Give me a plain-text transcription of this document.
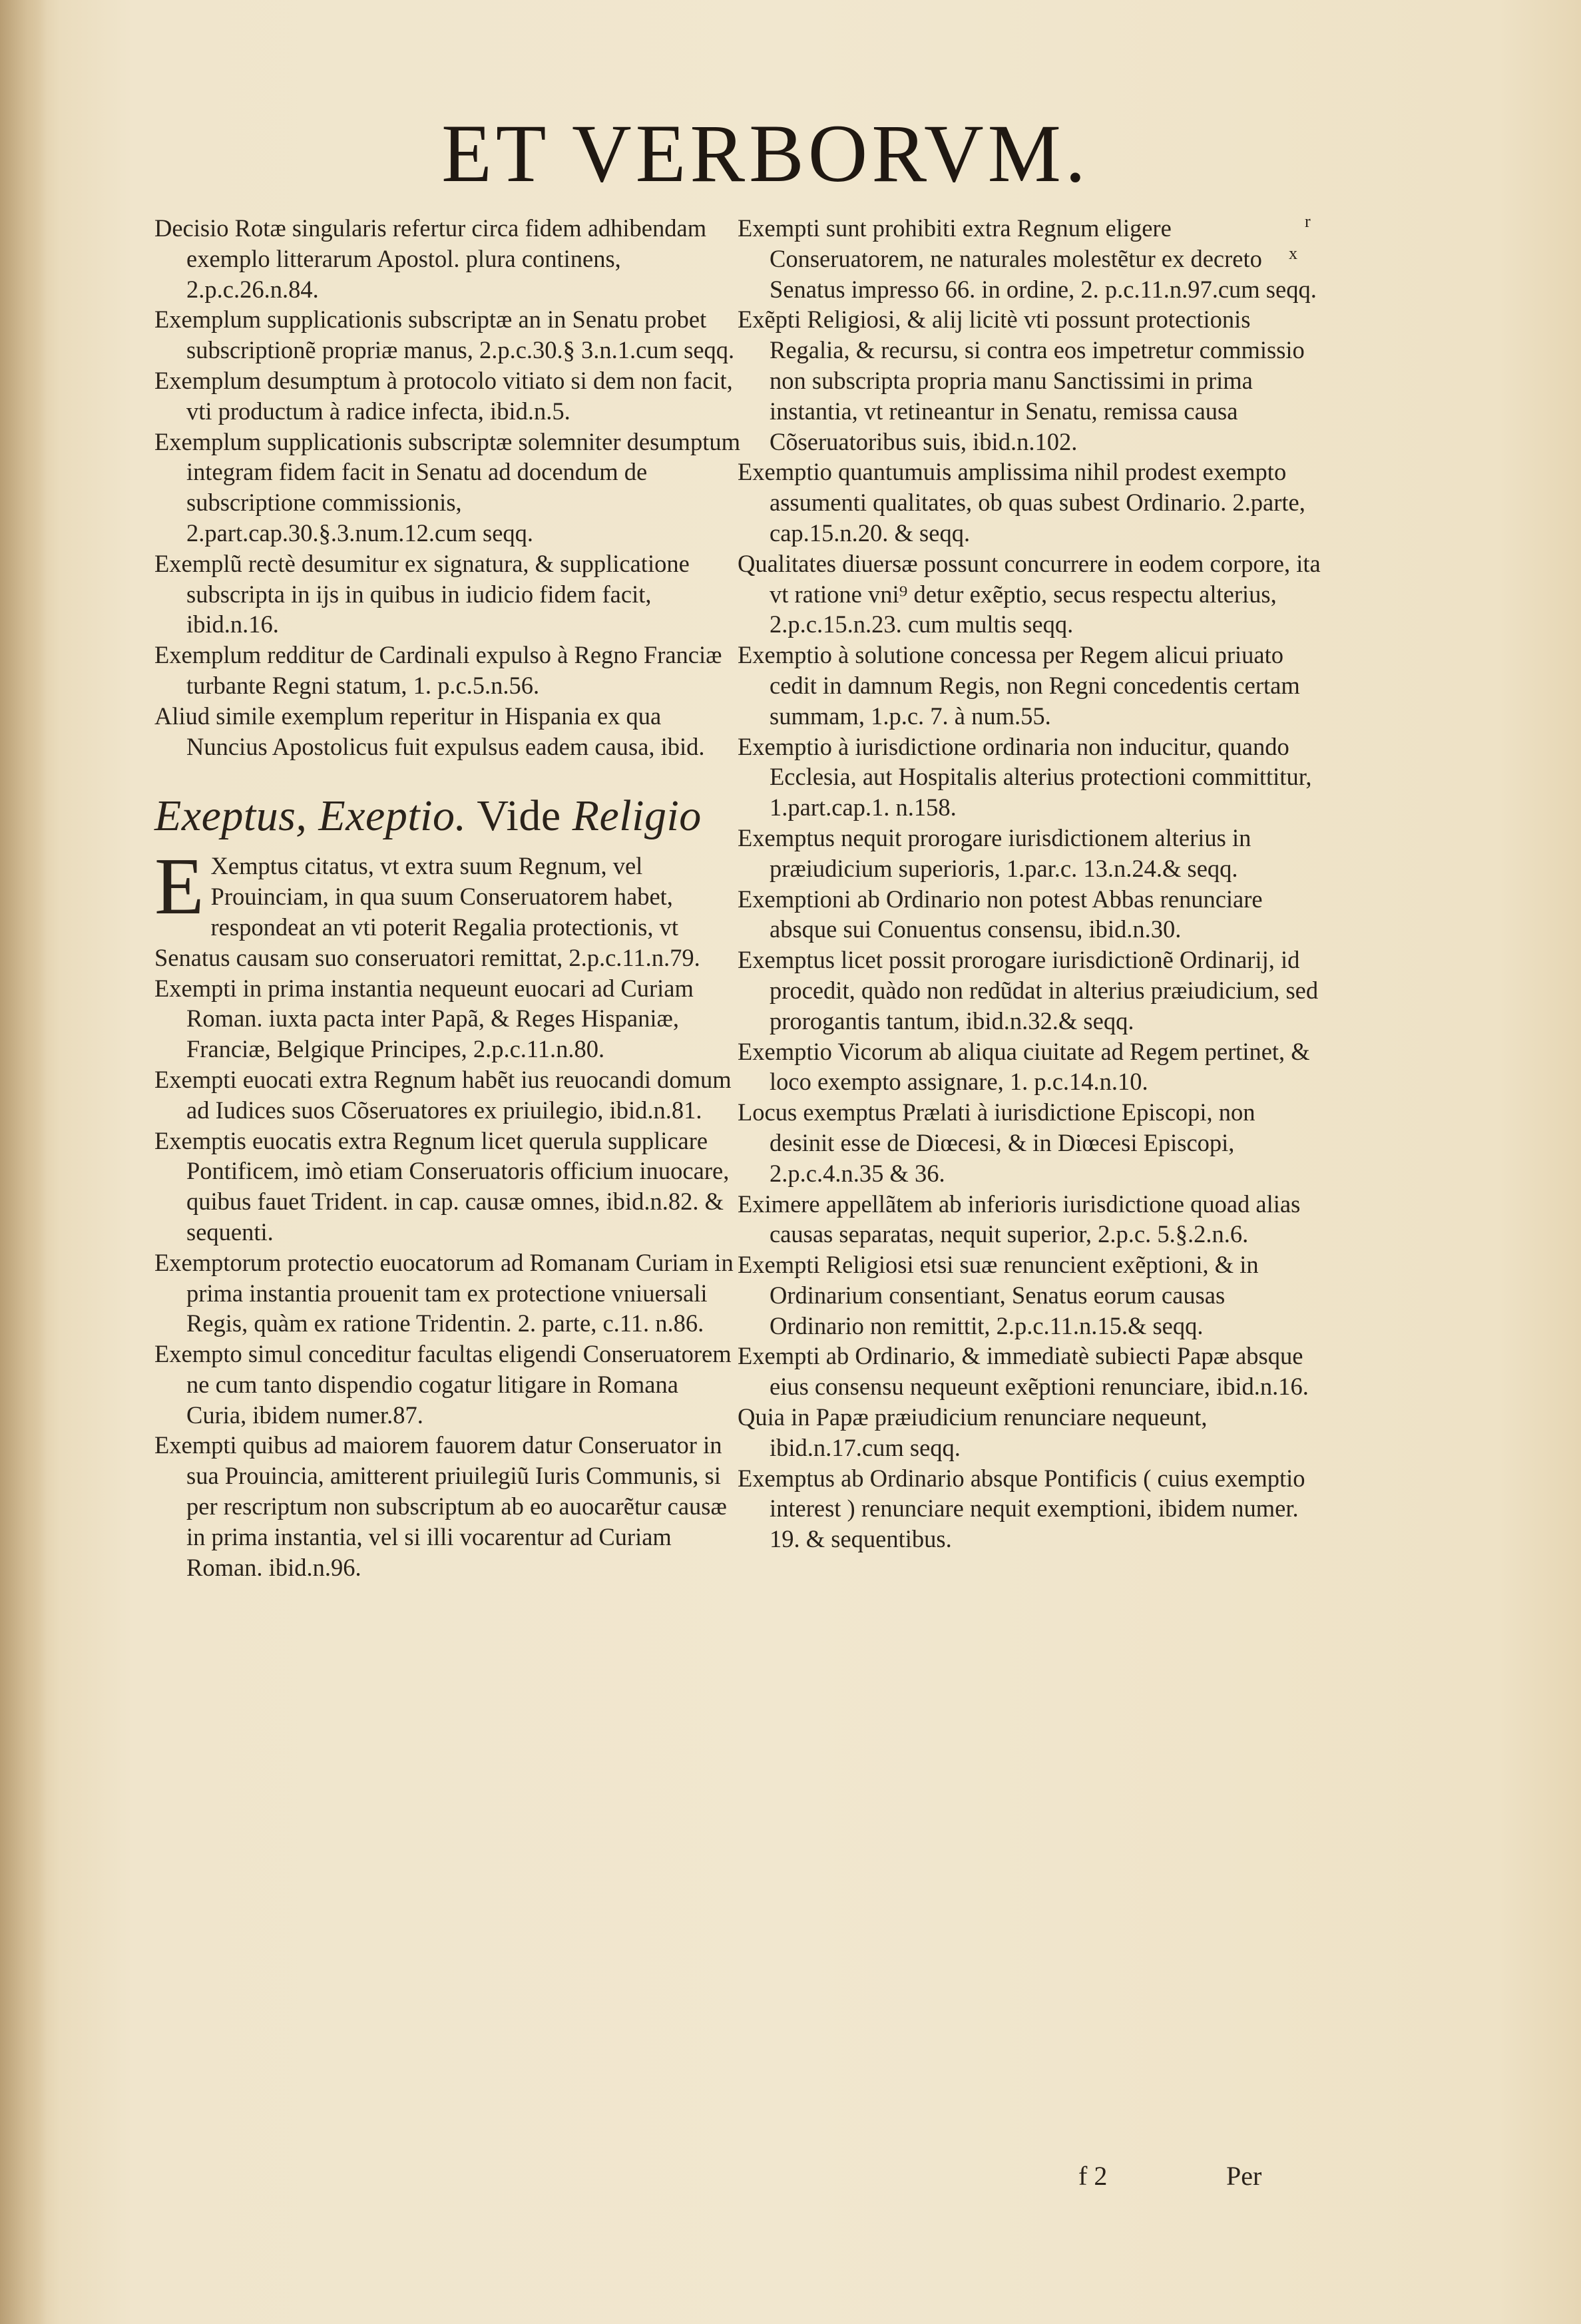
ET VERBORVM.
r
x

Decisio Rotæ singularis refertur circa fidem adhibendam exemplo litterarum Apostol. plura continens, 2.p.c.26.n.84.

Exemplum supplicationis subscriptæ an in Senatu probet subscriptionẽ propriæ manus, 2.p.c.30.§ 3.n.1.cum seqq.

Exemplum desumptum à protocolo vitiato si dem non facit, vti productum à radice infecta, ibid.n.5.

Exemplum supplicationis subscriptæ solemniter desumptum integram fidem facit in Senatu ad docendum de subscriptione commissionis, 2.part.cap.30.§.3.num.12.cum seqq.

Exemplũ rectè desumitur ex signatura, & supplicatione subscripta in ijs in quibus in iudicio fidem facit, ibid.n.16.

Exemplum redditur de Cardinali expulso à Regno Franciæ turbante Regni statum, 1. p.c.5.n.56.

Aliud simile exemplum reperitur in Hispania ex qua Nuncius Apostolicus fuit expulsus eadem causa, ibid.

Exeptus, Exeptio. Vide Religio

E Xemptus citatus, vt extra suum Regnum, vel Prouinciam, in qua suum Conseruatorem habet, respondeat an vti poterit Regalia protectionis, vt Senatus causam suo conseruatori remittat, 2.p.c.11.n.79.

Exempti in prima instantia nequeunt euocari ad Curiam Roman. iuxta pacta inter Papã, & Reges Hispaniæ, Franciæ, Belgique Principes, 2.p.c.11.n.80.

Exempti euocati extra Regnum habẽt ius reuocandi domum ad Iudices suos Cõseruatores ex priuilegio, ibid.n.81.

Exemptis euocatis extra Regnum licet querula supplicare Pontificem, imò etiam Conseruatoris officium inuocare, quibus fauet Trident. in cap. causæ omnes, ibid.n.82. & sequenti.

Exemptorum protectio euocatorum ad Romanam Curiam in prima instantia prouenit tam ex protectione vniuersali Regis, quàm ex ratione Tridentin. 2. parte, c.11. n.86.

Exempto simul conceditur facultas eligendi Conseruatorem ne cum tanto dispendio cogatur litigare in Romana Curia, ibidem numer.87.

Exempti quibus ad maiorem fauorem datur Conseruator in sua Prouincia, amitterent priuilegiũ Iuris Communis, si per rescriptum non subscriptum ab eo auocarẽtur causæ in prima instantia, vel si illi vocarentur ad Curiam Roman. ibid.n.96.

Exempti sunt prohibiti extra Regnum eligere Conseruatorem, ne naturales molestẽtur ex decreto Senatus impresso 66. in ordine, 2. p.c.11.n.97.cum seqq.

Exẽpti Religiosi, & alij licitè vti possunt protectionis Regalia, & recursu, si contra eos impetretur commissio non subscripta propria manu Sanctissimi in prima instantia, vt retineantur in Senatu, remissa causa Cõseruatoribus suis, ibid.n.102.

Exemptio quantumuis amplissima nihil prodest exempto assumenti qualitates, ob quas subest Ordinario. 2.parte, cap.15.n.20. & seqq.

Qualitates diuersæ possunt concurrere in eodem corpore, ita vt ratione vni⁹ detur exẽptio, secus respectu alterius, 2.p.c.15.n.23. cum multis seqq.

Exemptio à solutione concessa per Regem alicui priuato cedit in damnum Regis, non Regni concedentis certam summam, 1.p.c. 7. à num.55.

Exemptio à iurisdictione ordinaria non inducitur, quando Ecclesia, aut Hospitalis alterius protectioni committitur, 1.part.cap.1. n.158.

Exemptus nequit prorogare iurisdictionem alterius in præiudicium superioris, 1.par.c. 13.n.24.& seqq.

Exemptioni ab Ordinario non potest Abbas renunciare absque sui Conuentus consensu, ibid.n.30.

Exemptus licet possit prorogare iurisdictionẽ Ordinarij, id procedit, quàdo non redũdat in alterius præiudicium, sed prorogantis tantum, ibid.n.32.& seqq.

Exemptio Vicorum ab aliqua ciuitate ad Regem pertinet, & loco exempto assignare, 1. p.c.14.n.10.

Locus exemptus Prælati à iurisdictione Episcopi, non desinit esse de Diœcesi, & in Diœcesi Episcopi, 2.p.c.4.n.35 & 36.

Eximere appellãtem ab inferioris iurisdictione quoad alias causas separatas, nequit superior, 2.p.c. 5.§.2.n.6.

Exempti Religiosi etsi suæ renuncient exẽptioni, & in Ordinarium consentiant, Senatus eorum causas Ordinario non remittit, 2.p.c.11.n.15.& seqq.

Exempti ab Ordinario, & immediatè subiecti Papæ absque eius consensu nequeunt exẽptioni renunciare, ibid.n.16.

Quia in Papæ præiudicium renunciare nequeunt, ibid.n.17.cum seqq.

Exemptus ab Ordinario absque Pontificis ( cuius exemptio interest ) renunciare nequit exemptioni, ibidem numer. 19. & sequentibus.

f 2	Per
